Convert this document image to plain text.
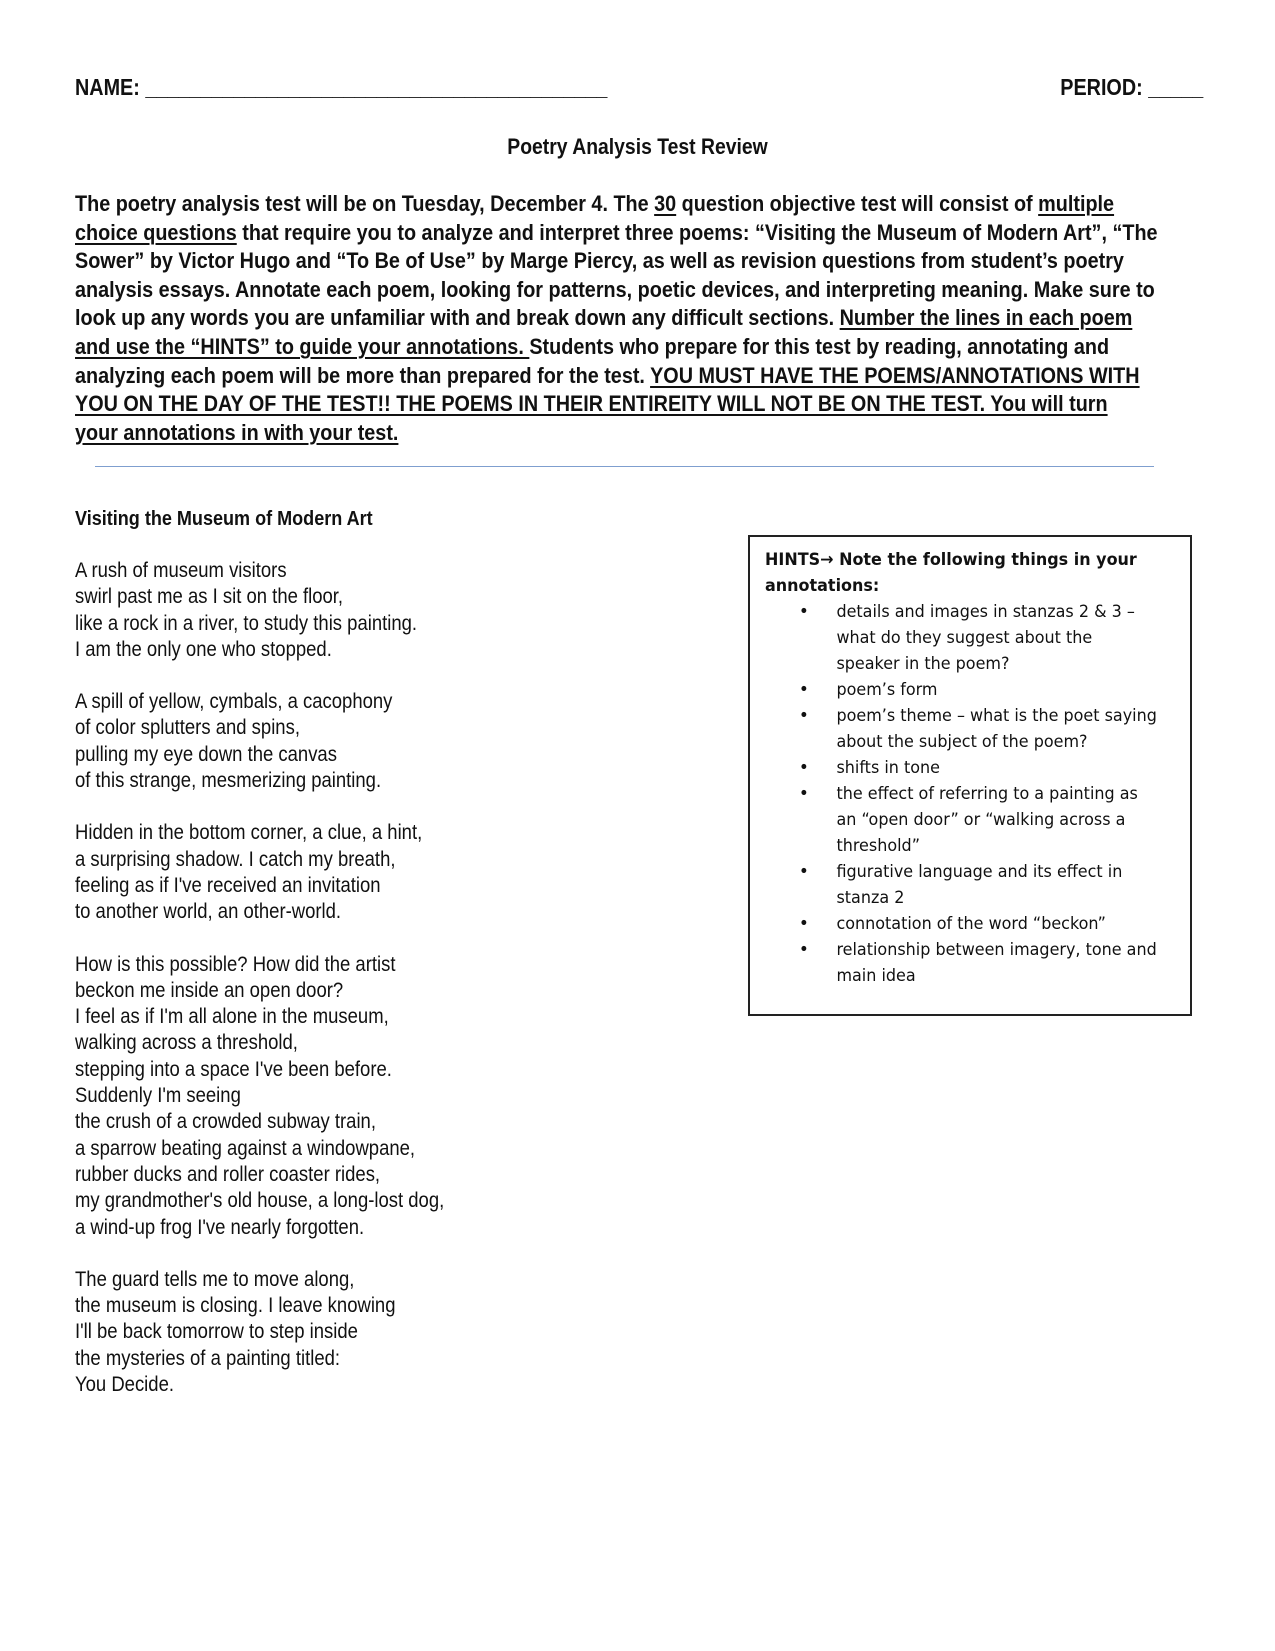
NAME: __________________________________________	PERIOD: _____
Poetry Analysis Test Review
The poetry analysis test will be on Tuesday, December 4. The 30 question objective test will consist of multiple
choice questions that require you to analyze and interpret three poems: “Visiting the Museum of Modern Art”, “The
Sower” by Victor Hugo and “To Be of Use” by Marge Piercy, as well as revision questions from student’s poetry
analysis essays. Annotate each poem, looking for patterns, poetic devices, and interpreting meaning. Make sure to
look up any words you are unfamiliar with and break down any difficult sections. Number the lines in each poem
and use the “HINTS” to guide your annotations. Students who prepare for this test by reading, annotating and
analyzing each poem will be more than prepared for the test. YOU MUST HAVE THE POEMS/ANNOTATIONS WITH
YOU ON THE DAY OF THE TEST!! THE POEMS IN THEIR ENTIREITY WILL NOT BE ON THE TEST. You will turn
your annotations in with your test.
Visiting the Museum of Modern Art
A rush of museum visitors
swirl past me as I sit on the floor,
like a rock in a river, to study this painting.
I am the only one who stopped.
A spill of yellow, cymbals, a cacophony
of color splutters and spins,
pulling my eye down the canvas
of this strange, mesmerizing painting.
Hidden in the bottom corner, a clue, a hint,
a surprising shadow. I catch my breath,
feeling as if I've received an invitation
to another world, an other-world.
How is this possible? How did the artist
beckon me inside an open door?
I feel as if I'm all alone in the museum,
walking across a threshold,
stepping into a space I've been before.
Suddenly I'm seeing
the crush of a crowded subway train,
a sparrow beating against a windowpane,
rubber ducks and roller coaster rides,
my grandmother's old house, a long-lost dog,
a wind-up frog I've nearly forgotten.
The guard tells me to move along,
the museum is closing. I leave knowing
I'll be back tomorrow to step inside
the mysteries of a painting titled:
You Decide.
HINTS→ Note the following things in your
annotations:
• details and images in stanzas 2 & 3 –
what do they suggest about the
speaker in the poem?
• poem’s form
• poem’s theme – what is the poet saying
about the subject of the poem?
• shifts in tone
• the effect of referring to a painting as
an “open door” or “walking across a
threshold”
• figurative language and its effect in
stanza 2
• connotation of the word “beckon”
• relationship between imagery, tone and
main idea
